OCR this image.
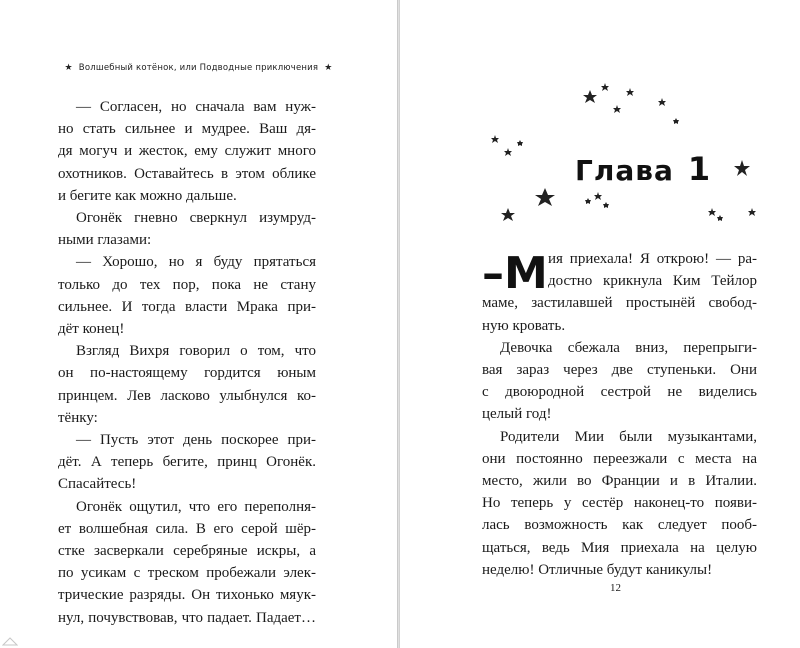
★ Волшебный котёнок, или Подводные приключения ★
— Согласен, но сначала вам нуж-
но стать сильнее и мудрее. Ваш дя-
дя могуч и жесток, ему служит много
охотников. Оставайтесь в этом облике
и бегите как можно дальше.
Огонёк гневно сверкнул изумруд-
ными глазами:
— Хорошо, но я буду прятаться
только до тех пор, пока не стану
сильнее. И тогда власти Мрака при-
дёт конец!
Взгляд Вихря говорил о том, что
он по-настоящему гордится юным
принцем. Лев ласково улыбнулся ко-
тёнку:
— Пусть этот день поскорее при-
дёт. А теперь бегите, принц Огонёк.
Спасайтесь!
Огонёк ощутил, что его переполня-
ет волшебная сила. В его серой шёр-
стке засверкали серебряные искры, а
по усикам с треском пробежали элек-
трические разряды. Он тихонько мяук-
нул, почувствовав, что падает. Падает…
Глава 1
–М ия приехала! Я открою! — ра-
достно крикнула Ким Тейлор
маме, застилавшей простынёй свобод-
ную кровать.
Девочка сбежала вниз, перепрыги-
вая зараз через две ступеньки. Они
с двоюродной сестрой не виделись
целый год!
Родители Мии были музыкантами,
они постоянно переезжали с места на
место, жили во Франции и в Италии.
Но теперь у сестёр наконец-то появи-
лась возможность как следует пооб-
щаться, ведь Мия приехала на целую
неделю! Отличные будут каникулы!
12
